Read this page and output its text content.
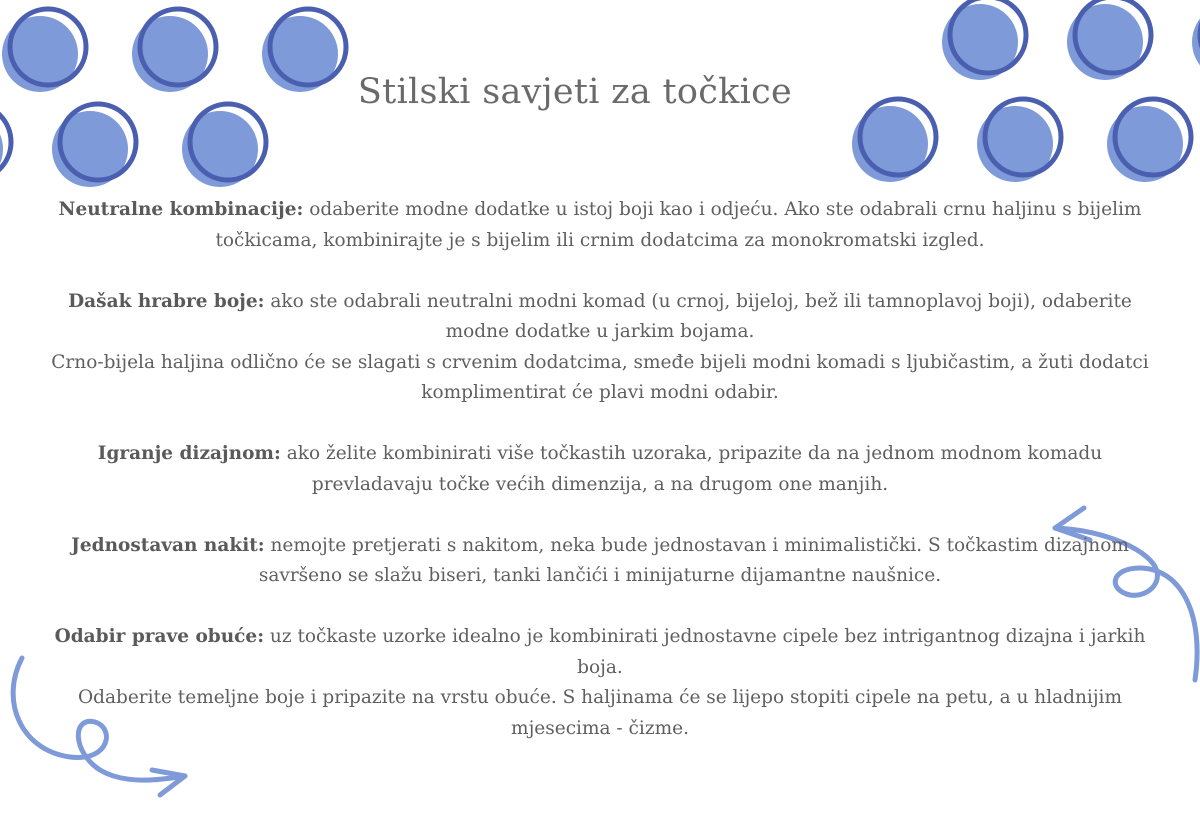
Stilski savjeti za točkice

Neutralne kombinacije: odaberite modne dodatke u istoj boji kao i odjeću. Ako ste odabrali crnu haljinu s bijelim točkicama, kombinirajte je s bijelim ili crnim dodatcima za monokromatski izgled.

Dašak hrabre boje: ako ste odabrali neutralni modni komad (u crnoj, bijeloj, bež ili tamnoplavoj boji), odaberite modne dodatke u jarkim bojama.
Crno-bijela haljina odlično će se slagati s crvenim dodatcima, smeđe bijeli modni komadi s ljubičastim, a žuti dodatci komplimentirat će plavi modni odabir.

Igranje dizajnom: ako želite kombinirati više točkastih uzoraka, pripazite da na jednom modnom komadu prevladavaju točke većih dimenzija, a na drugom one manjih.

Jednostavan nakit: nemojte pretjerati s nakitom, neka bude jednostavan i minimalistički. S točkastim dizajnom savršeno se slažu biseri, tanki lančići i minijaturne dijamantne naušnice.

Odabir prave obuće: uz točkaste uzorke idealno je kombinirati jednostavne cipele bez intrigantnog dizajna i jarkih boja.
Odaberite temeljne boje i pripazite na vrstu obuće. S haljinama će se lijepo stopiti cipele na petu, a u hladnijim mjesecima - čizme.
